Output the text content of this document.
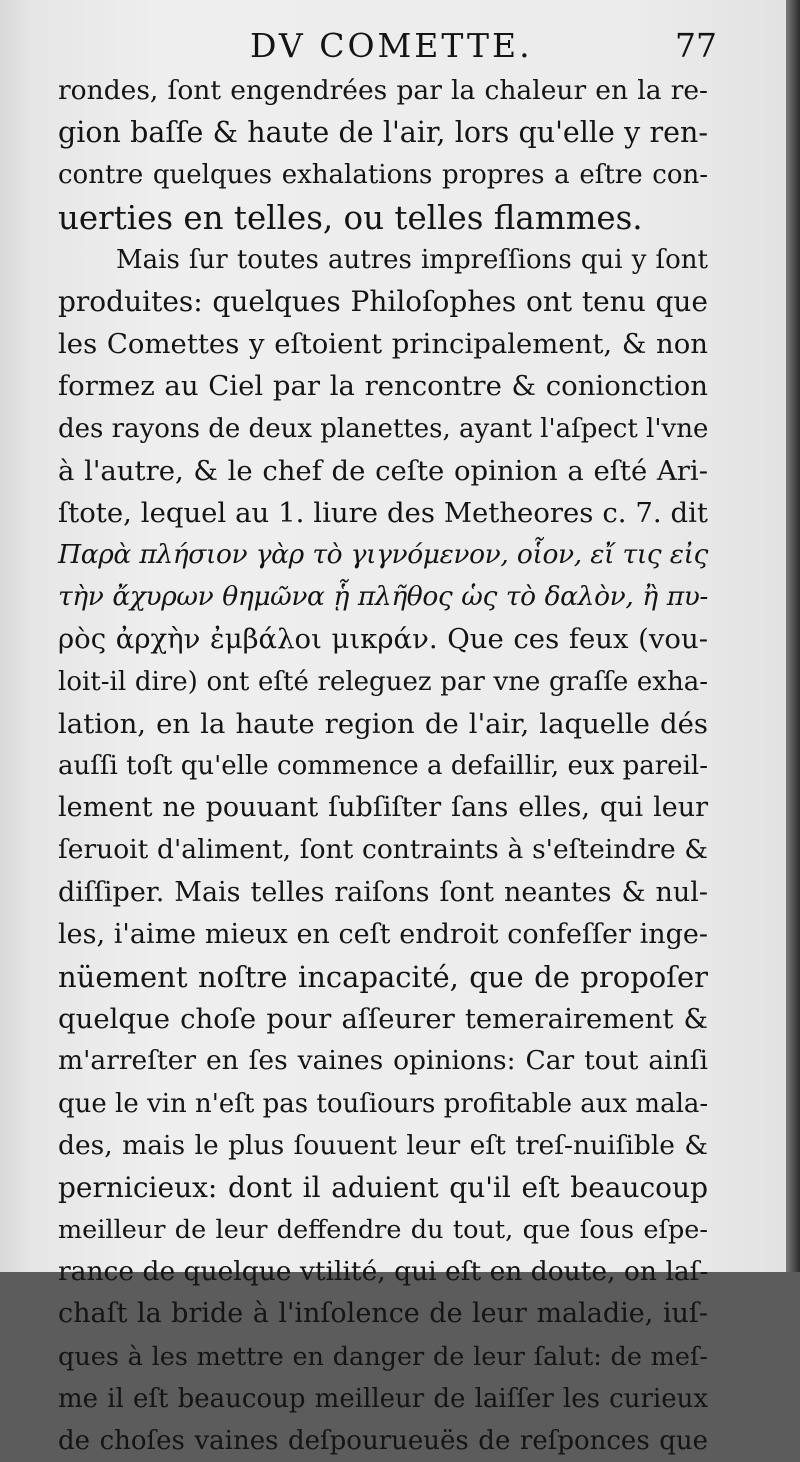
DV COMETTE.	77
rondes, ſont engendrées par la chaleur en la re-
gion baſſe & haute de l'air, lors qu'elle y ren-
contre quelques exhalations propres a eſtre con-
uerties en telles, ou telles flammes.
Mais ſur toutes autres impreſſions qui y ſont
produites: quelques Philoſophes ont tenu que
les Comettes y eſtoient principalement, & non
formez au Ciel par la rencontre & conionction
des rayons de deux planettes, ayant l'aſpect l'vne
à l'autre, & le chef de ceſte opinion a eſté Ari-
ſtote, lequel au 1. liure des Metheores c. 7. dit
Παρὰ πλήσιον γὰρ τὸ γιγνόμενον, οἷον, εἴ τις εἰς
τὴν ἄχυρων θημῶνα ᾗ πλῆθος ὡς τὸ δαλὸν, ἢ πυ-
ρὸς ἀρχὴν ἐμβάλοι μικράν. Que ces feux (vou-
loit-il dire) ont eſté releguez par vne graſſe exha-
lation, en la haute region de l'air, laquelle dés
auſſi toſt qu'elle commence a defaillir, eux pareil-
lement ne pouuant ſubſiſter ſans elles, qui leur
ſeruoit d'aliment, ſont contraints à s'eſteindre &
diſſiper. Mais telles raiſons ſont neantes & nul-
les, i'aime mieux en ceſt endroit confeſſer inge-
nüement noſtre incapacité, que de propoſer
quelque choſe pour aſſeurer temerairement &
m'arreſter en ſes vaines opinions: Car tout ainſi
que le vin n'eſt pas touſiours profitable aux mala-
des, mais le plus ſouuent leur eſt treſ-nuiſible &
pernicieux: dont il aduient qu'il eſt beaucoup
meilleur de leur deffendre du tout, que ſous eſpe-
rance de quelque vtilité, qui eſt en doute, on laſ-
chaſt la bride à l'inſolence de leur maladie, iuſ-
ques à les mettre en danger de leur ſalut: de meſ-
me il eſt beaucoup meilleur de laiſſer les curieux
de choſes vaines deſpourueuës de reſponces que
